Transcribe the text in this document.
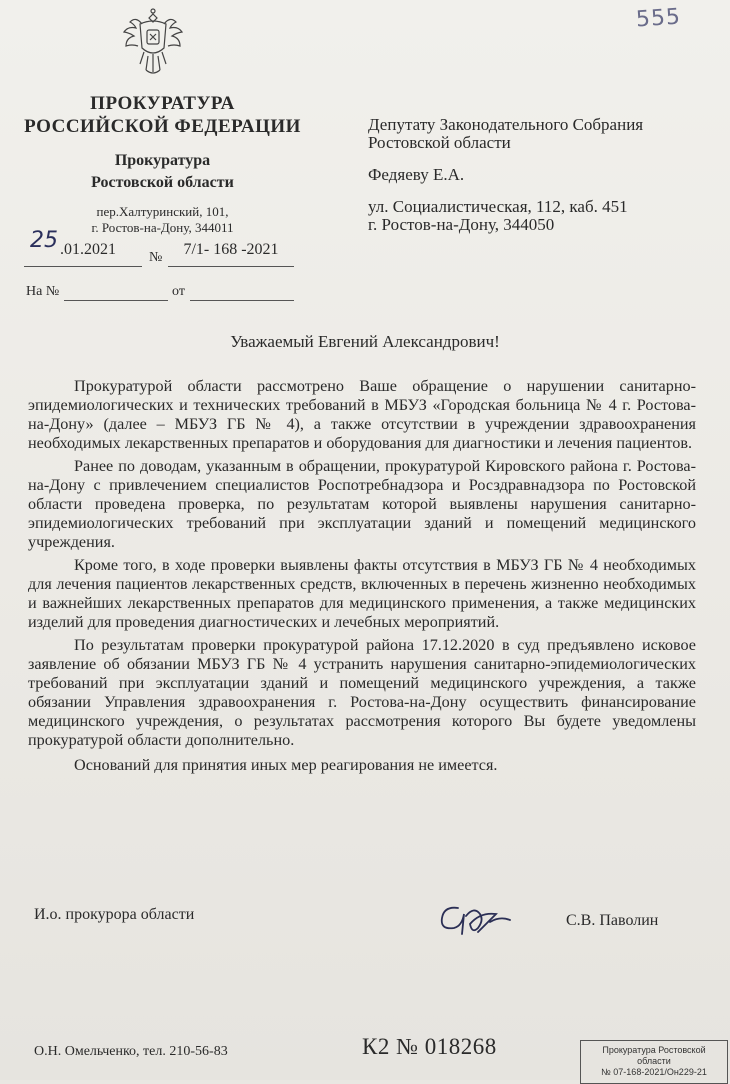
555
ПРОКУРАТУРА
РОССИЙСКОЙ ФЕДЕРАЦИИ
Прокуратура
Ростовской области
пер.Халтуринский, 101,
г. Ростов-на-Дону, 344011
25 .01.2021 №	7/1- 168 -2021
На №	от
Депутату Законодательного Собрания
Ростовской области
Федяеву Е.А.
ул. Социалистическая, 112, каб. 451
г. Ростов-на-Дону, 344050
Уважаемый Евгений Александрович!

Прокуратурой области рассмотрено Ваше обращение о нарушении санитарно-эпидемиологических и технических требований в МБУЗ «Городская больница № 4 г. Ростова-на-Дону» (далее – МБУЗ ГБ № 4), а также отсутствии в учреждении здравоохранения необходимых лекарственных препаратов и оборудования для диагностики и лечения пациентов.

Ранее по доводам, указанным в обращении, прокуратурой Кировского района г. Ростова-на-Дону с привлечением специалистов Роспотребнадзора и Росздравнадзора по Ростовской области проведена проверка, по результатам которой выявлены нарушения санитарно-эпидемиологических требований при эксплуатации зданий и помещений медицинского учреждения.

Кроме того, в ходе проверки выявлены факты отсутствия в МБУЗ ГБ № 4 необходимых для лечения пациентов лекарственных средств, включенных в перечень жизненно необходимых и важнейших лекарственных препаратов для медицинского применения, а также медицинских изделий для проведения диагностических и лечебных мероприятий.

По результатам проверки прокуратурой района 17.12.2020 в суд предъявлено исковое заявление об обязании МБУЗ ГБ № 4 устранить нарушения санитарно-эпидемиологических требований при эксплуатации зданий и помещений медицинского учреждения, а также обязании Управления здравоохранения г. Ростова-на-Дону осуществить финансирование медицинского учреждения, о результатах рассмотрения которого Вы будете уведомлены прокуратурой области дополнительно.

Оснований для принятия иных мер реагирования не имеется.

И.о. прокурора области	С.В. Паволин
О.Н. Омельченко, тел. 210-56-83	К2 № 018268	Прокуратура Ростовской
области
№ 07-168-2021/Он229-21
